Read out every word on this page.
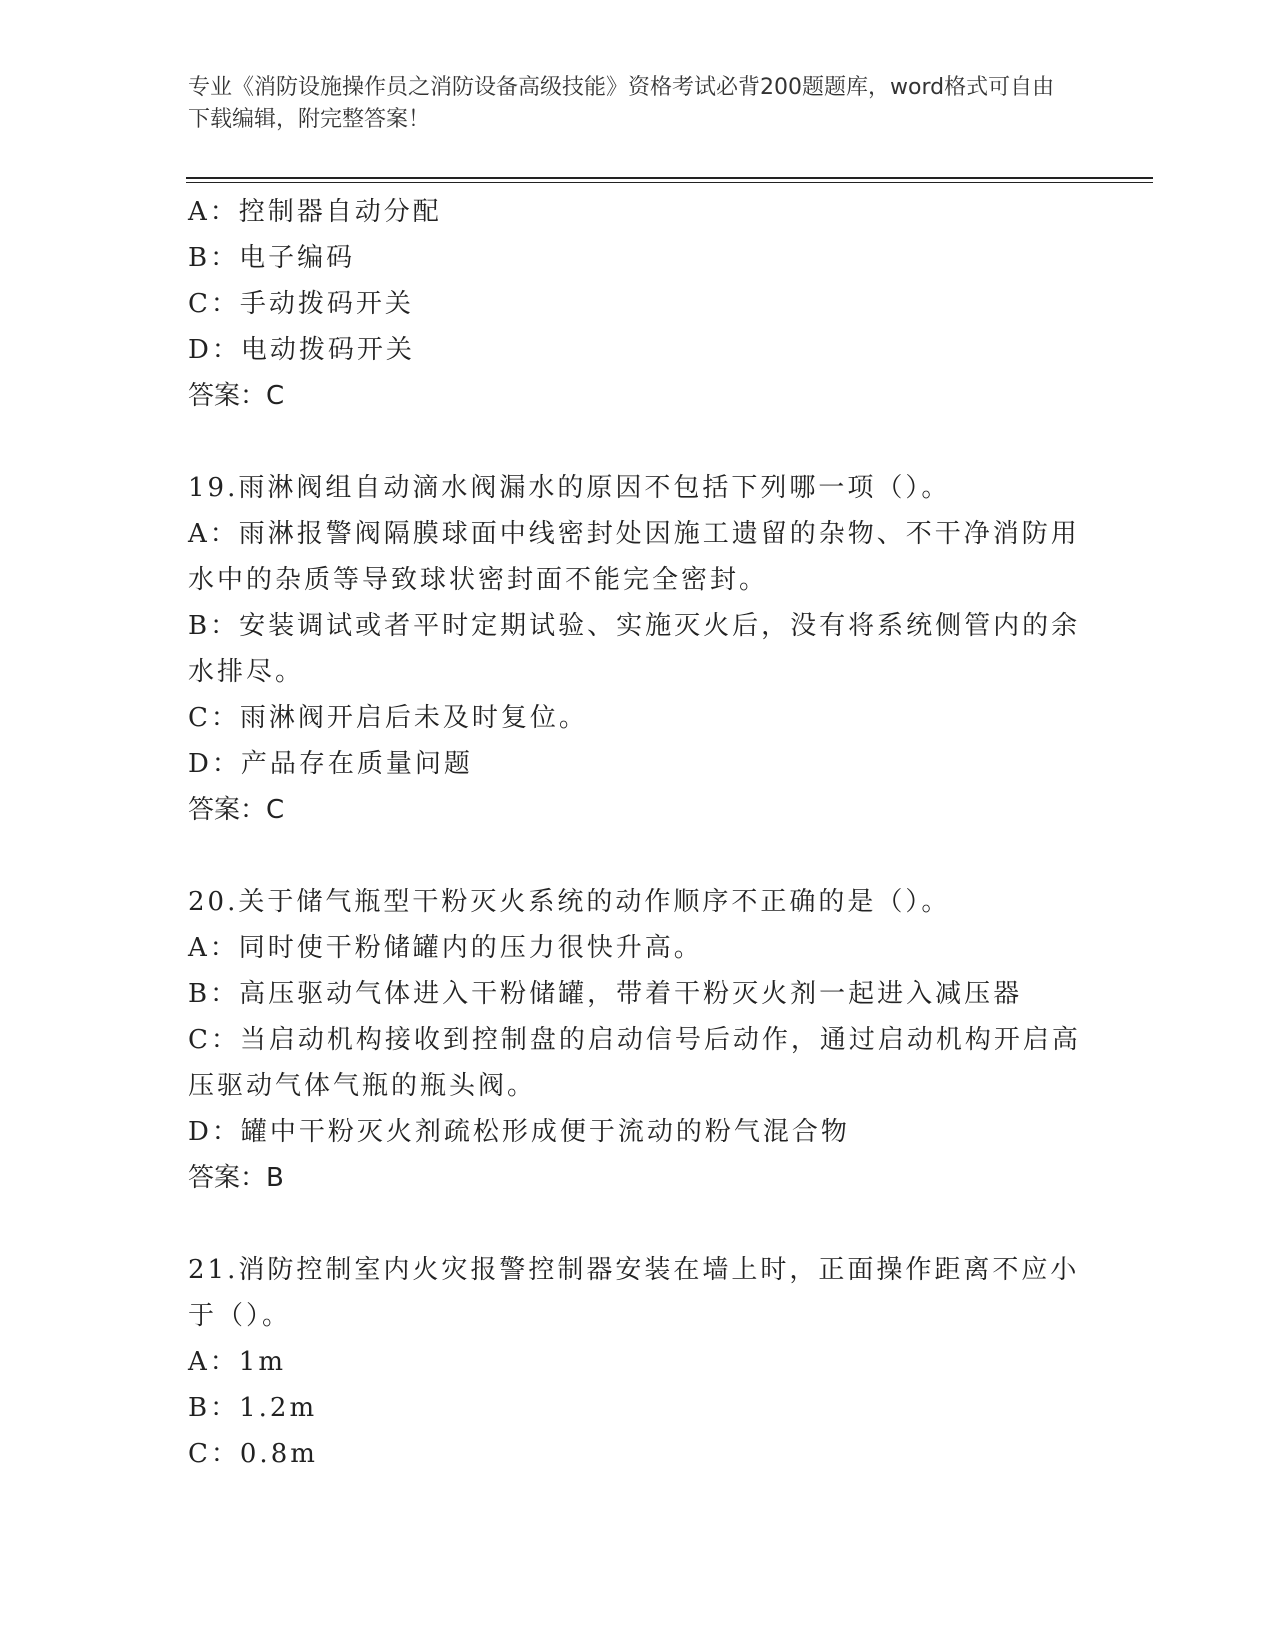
专业《消防设施操作员之消防设备高级技能》资格考试必背200题题库，word格式可自由下载编辑，附完整答案！

A：控制器自动分配

B：电子编码

C：手动拨码开关

D：电动拨码开关

答案：C

19.雨淋阀组自动滴水阀漏水的原因不包括下列哪一项（）。

A：雨淋报警阀隔膜球面中线密封处因施工遗留的杂物、不干净消防用水中的杂质等导致球状密封面不能完全密封。

B：安装调试或者平时定期试验、实施灭火后，没有将系统侧管内的余水排尽。

C：雨淋阀开启后未及时复位。

D：产品存在质量问题

答案：C

20.关于储气瓶型干粉灭火系统的动作顺序不正确的是（）。

A：同时使干粉储罐内的压力很快升高。

B：高压驱动气体进入干粉储罐，带着干粉灭火剂一起进入减压器

C：当启动机构接收到控制盘的启动信号后动作，通过启动机构开启高压驱动气体气瓶的瓶头阀。

D：罐中干粉灭火剂疏松形成便于流动的粉气混合物

答案：B

21.消防控制室内火灾报警控制器安装在墙上时，正面操作距离不应小于（）。

A：1m

B：1.2m

C：0.8m
